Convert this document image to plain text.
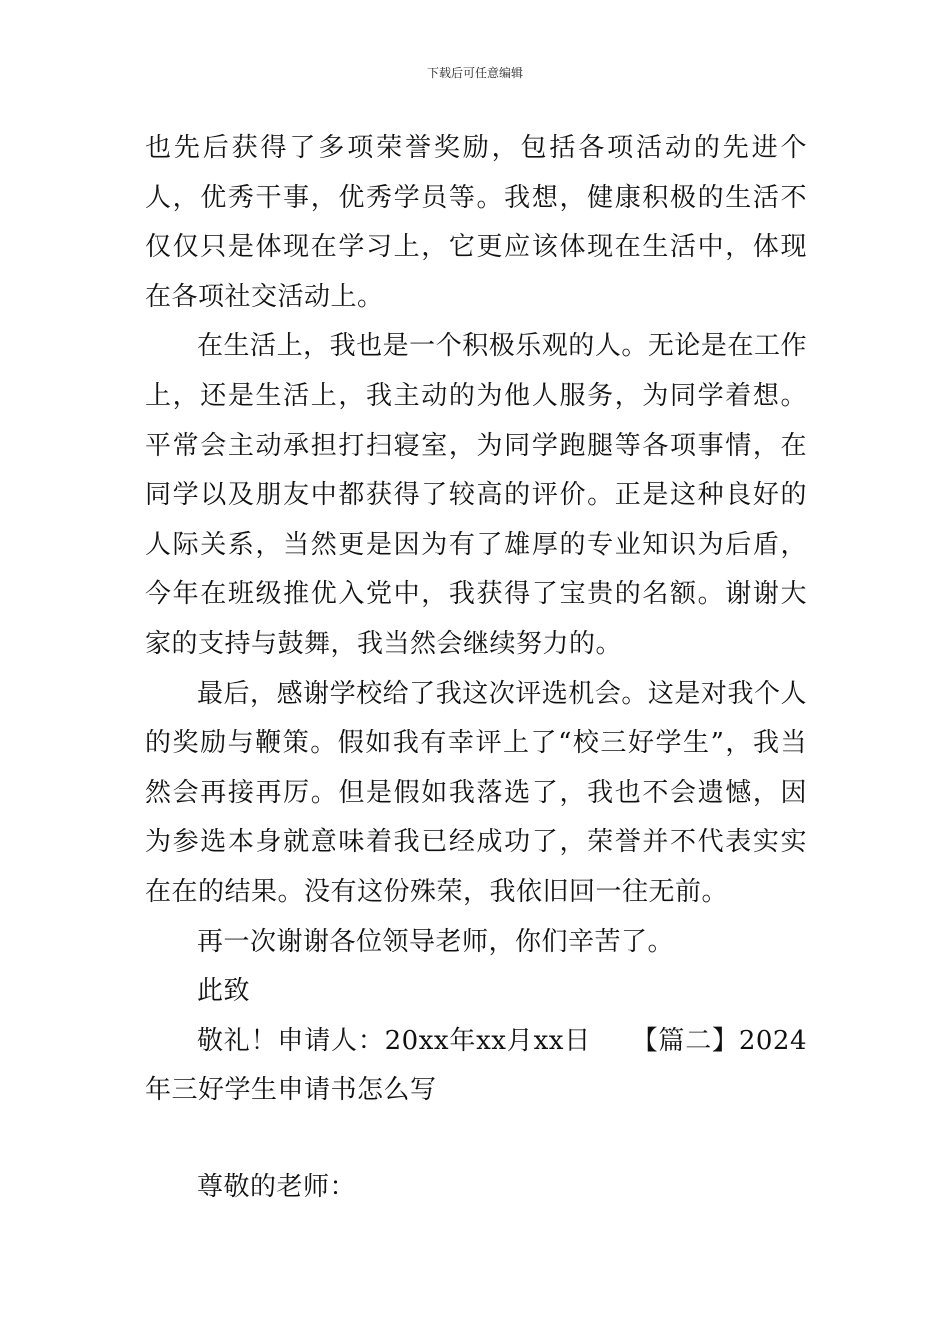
下载后可任意编辑

也先后获得了多项荣誉奖励，包括各项活动的先进个人，优秀干事，优秀学员等。我想，健康积极的生活不仅仅只是体现在学习上，它更应该体现在生活中，体现在各项社交活动上。

在生活上，我也是一个积极乐观的人。无论是在工作上，还是生活上，我主动的为他人服务，为同学着想。平常会主动承担打扫寝室，为同学跑腿等各项事情，在同学以及朋友中都获得了较高的评价。正是这种良好的人际关系，当然更是因为有了雄厚的专业知识为后盾，今年在班级推优入党中，我获得了宝贵的名额。谢谢大家的支持与鼓舞，我当然会继续努力的。

最后，感谢学校给了我这次评选机会。这是对我个人的奖励与鞭策。假如我有幸评上了“校三好学生”，我当然会再接再厉。但是假如我落选了，我也不会遗憾，因为参选本身就意味着我已经成功了，荣誉并不代表实实在在的结果。没有这份殊荣，我依旧回一往无前。

再一次谢谢各位领导老师，你们辛苦了。

此致

敬礼！申请人：20xx年xx月xx日　　【篇二】2024年三好学生申请书怎么写

尊敬的老师：
